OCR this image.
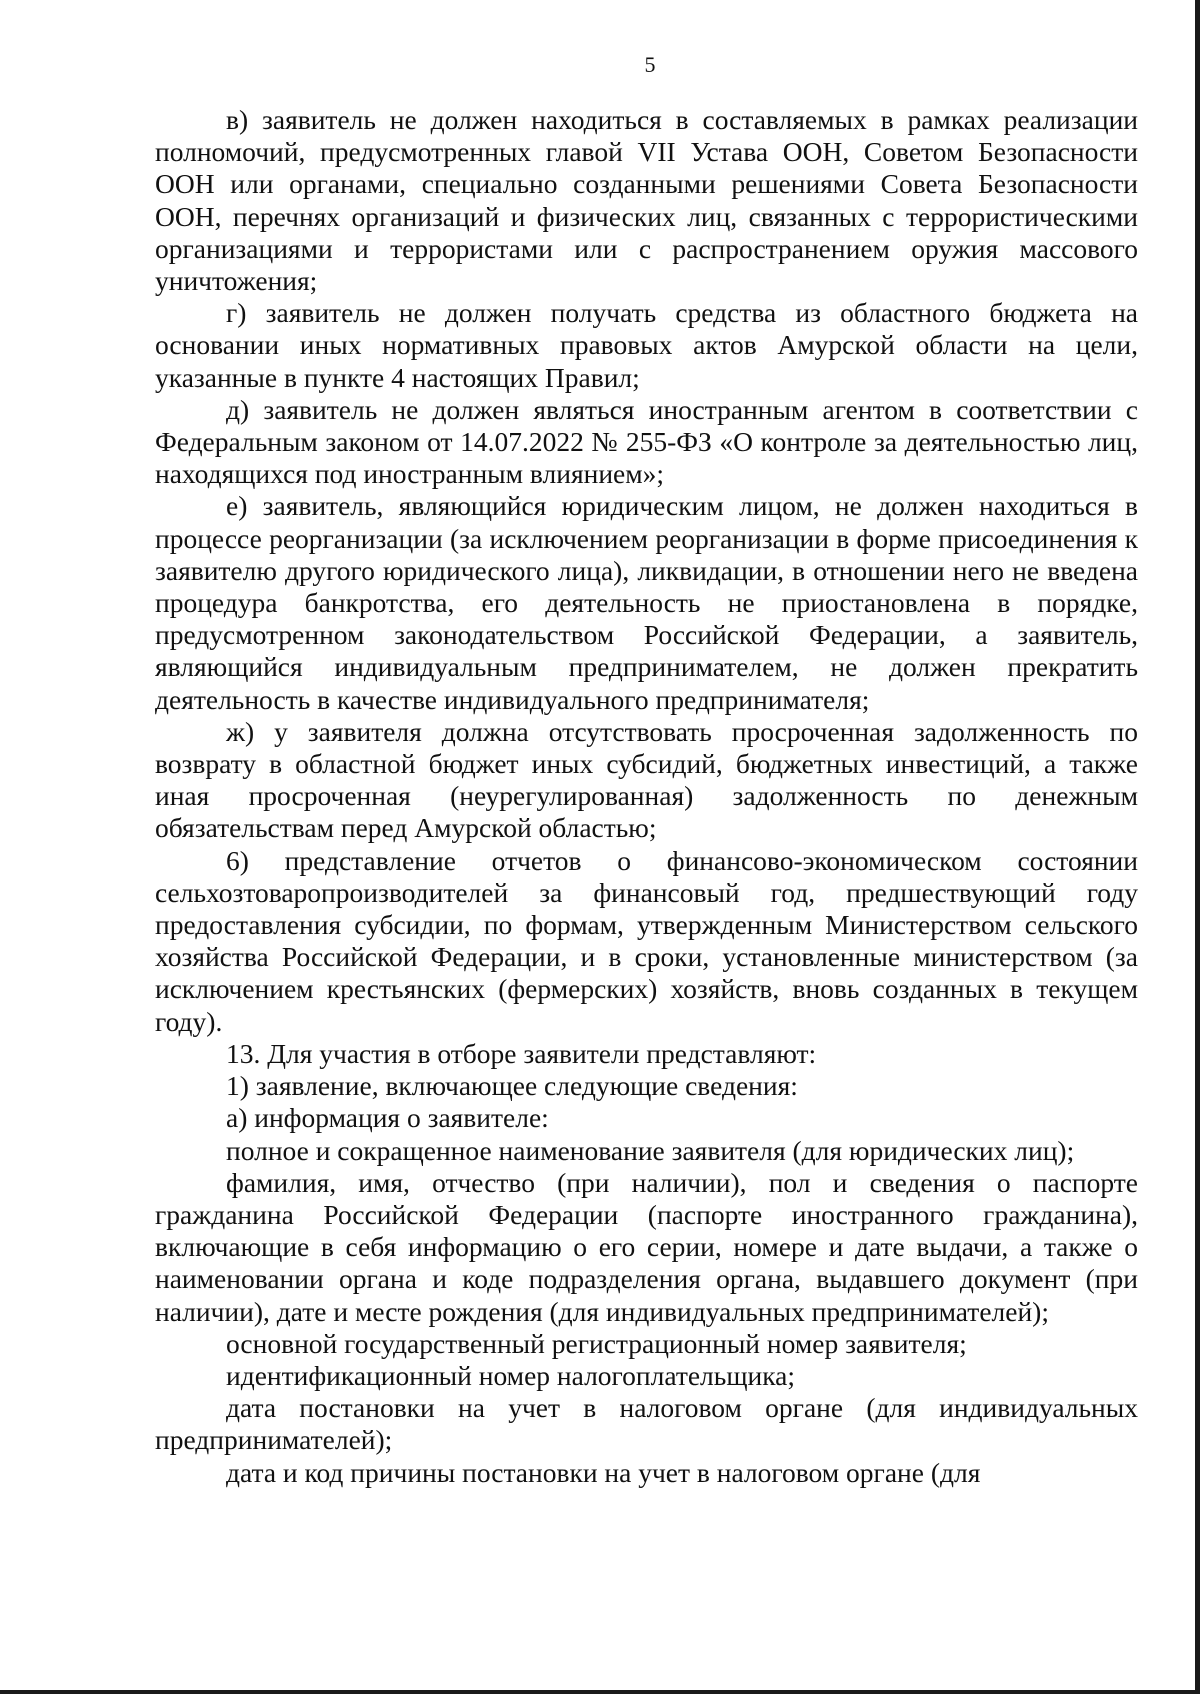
5

в) заявитель не должен находиться в составляемых в рамках реализации полномочий, предусмотренных главой VII Устава ООН, Советом Безопасности ООН или органами, специально созданными решениями Совета Безопасности ООН, перечнях организаций и физических лиц, связанных с террористическими организациями и террористами или с распространением оружия массового уничтожения;

г) заявитель не должен получать средства из областного бюджета на основании иных нормативных правовых актов Амурской области на цели, указанные в пункте 4 настоящих Правил;

д) заявитель не должен являться иностранным агентом в соответствии с Федеральным законом от 14.07.2022 № 255-ФЗ «О контроле за деятельностью лиц, находящихся под иностранным влиянием»;

е) заявитель, являющийся юридическим лицом, не должен находиться в процессе реорганизации (за исключением реорганизации в форме присоединения к заявителю другого юридического лица), ликвидации, в отношении него не введена процедура банкротства, его деятельность не приостановлена в порядке, предусмотренном законодательством Российской Федерации, а заявитель, являющийся индивидуальным предпринимателем, не должен прекратить деятельность в качестве индивидуального предпринимателя;

ж) у заявителя должна отсутствовать просроченная задолженность по возврату в областной бюджет иных субсидий, бюджетных инвестиций, а также иная просроченная (неурегулированная) задолженность по денежным обязательствам перед Амурской областью;

6) представление отчетов о финансово-экономическом состоянии сельхозтоваропроизводителей за финансовый год, предшествующий году предоставления субсидии, по формам, утвержденным Министерством сельского хозяйства Российской Федерации, и в сроки, установленные министерством (за исключением крестьянских (фермерских) хозяйств, вновь созданных в текущем году).

13. Для участия в отборе заявители представляют:

1) заявление, включающее следующие сведения:

а) информация о заявителе:

полное и сокращенное наименование заявителя (для юридических лиц);

фамилия, имя, отчество (при наличии), пол и сведения о паспорте гражданина Российской Федерации (паспорте иностранного гражданина), включающие в себя информацию о его серии, номере и дате выдачи, а также о наименовании органа и коде подразделения органа, выдавшего документ (при наличии), дате и месте рождения (для индивидуальных предпринимателей);

основной государственный регистрационный номер заявителя;

идентификационный номер налогоплательщика;

дата постановки на учет в налоговом органе (для индивидуальных предпринимателей);

дата и код причины постановки на учет в налоговом органе (для
